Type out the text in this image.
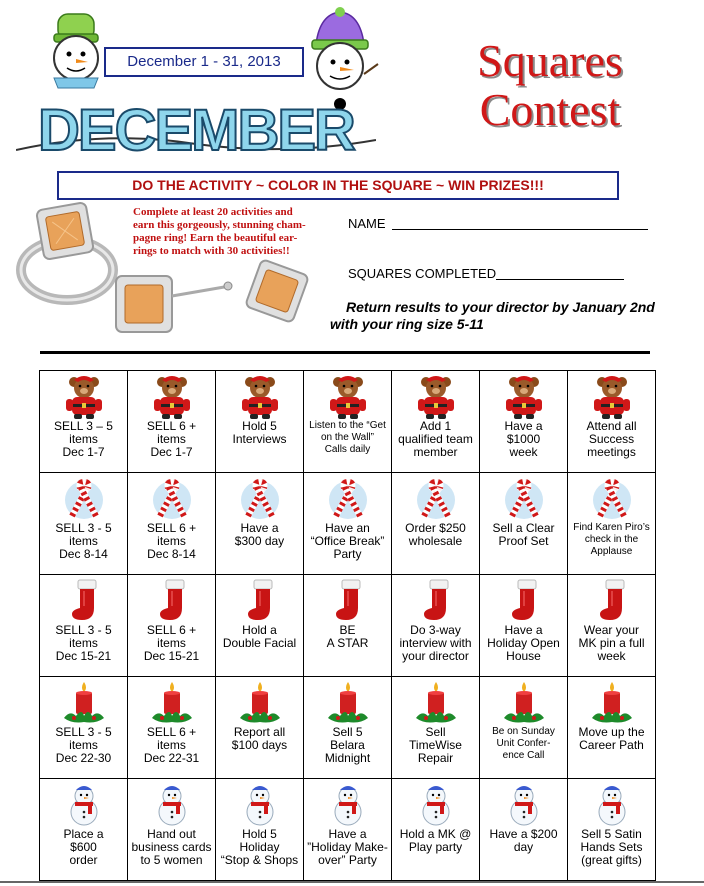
December 1 - 31, 2013	Squares
Contest
DECEMBER
DO THE ACTIVITY ~ COLOR IN THE SQUARE ~ WIN PRIZES!!!
Complete at least 20 activities and earn this gorgeously, stunning cham-pagne ring! Earn the beautiful ear-rings to match with 30 activities!!
NAME
SQUARES COMPLETED
Return results to your director by January 2nd with your ring size 5-11
SELL 3 – 5
items
Dec 1-7	SELL 6 +
items
Dec 1-7	Hold 5
Interviews	Listen to the “Get
on the Wall”
Calls daily	Add 1
qualified team
member	Have a
$1000
week	Attend all
Success
meetings

SELL 3 - 5
items
Dec 8-14	SELL 6 +
items
Dec 8-14	Have a
$300 day	Have an
“Office Break”
Party	Order $250
wholesale	Sell a Clear
Proof Set	Find Karen Piro’s
check in the
Applause

SELL 3 - 5
items
Dec 15-21	SELL 6 +
items
Dec 15-21	Hold a
Double Facial	BE
A STAR	Do 3-way
interview with
your director	Have a
Holiday Open
House	Wear your
MK pin a full
week

SELL 3 - 5
items
Dec 22-30	SELL 6 +
items
Dec 22-31	Report all
$100 days	Sell 5
Belara
Midnight	Sell
TimeWise
Repair	Be on Sunday
Unit Confer-
ence Call	Move up the
Career Path

Place a
$600
order	Hand out
business cards
to 5 women	Hold 5
Holiday
“Stop & Shops	Have a
”Holiday Make-
over” Party	Hold a MK @
Play party	Have a $200
day	Sell 5 Satin
Hands Sets
(great gifts)
